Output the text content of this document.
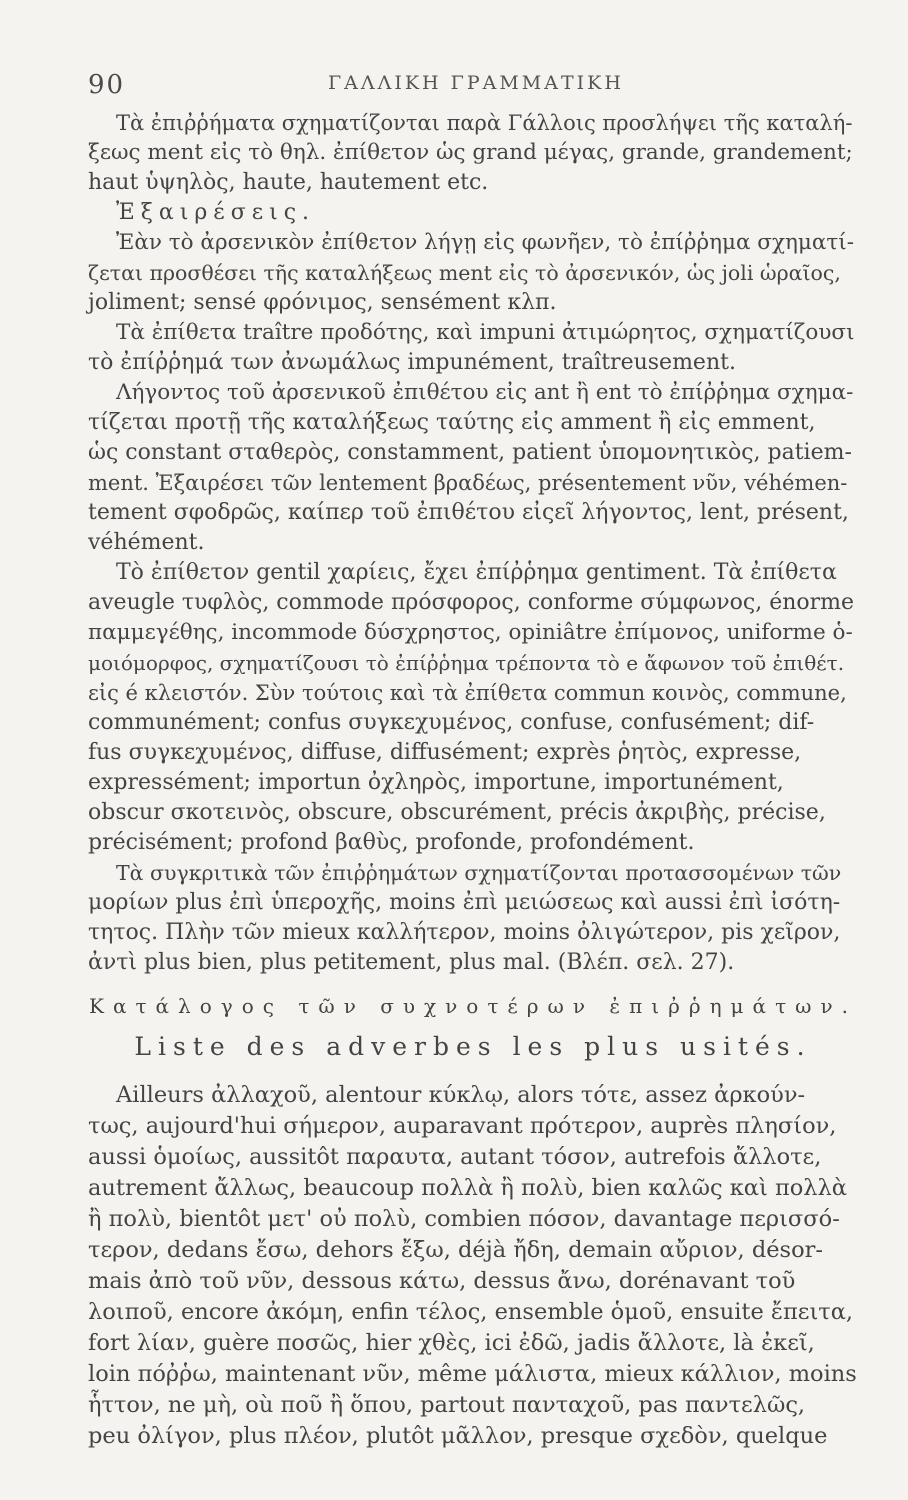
90	ΓΑΛΛΙΚΗ ΓΡΑΜΜΑΤΙΚΗ
Τὰ ἐπιῤῥήματα σχηματίζονται παρὰ Γάλλοις προσλήψει τῆς καταλή-
ξεως ment εἰς τὸ θηλ. ἐπίθετον ὡς grand μέγας, grande, grandement;
haut ὑψηλὸς, haute, hautement etc.
Ἐξαιρέσεις.
Ἐὰν τὸ ἀρσενικὸν ἐπίθετον λήγῃ εἰς φωνῆεν, τὸ ἐπίῤῥημα σχηματί-
ζεται προσθέσει τῆς καταλήξεως ment εἰς τὸ ἀρσενικόν, ὡς joli ὡραῖος,
joliment; sensé φρόνιμος, sensément κλπ.
Τὰ ἐπίθετα traître προδότης, καὶ impuni ἀτιμώρητος, σχηματίζουσι
τὸ ἐπίῤῥημά των ἀνωμάλως impunément, traîtreusement.
Λήγοντος τοῦ ἀρσενικοῦ ἐπιθέτου εἰς ant ἢ ent τὸ ἐπίῤῥημα σχημα-
τίζεται προτῇ τῆς καταλήξεως ταύτης εἰς amment ἢ εἰς emment,
ὡς constant σταθερὸς, constamment, patient ὑπομονητικὸς, patiem-
ment. Ἐξαιρέσει τῶν lentement βραδέως, présentement νῦν, véhémen-
tement σφοδρῶς, καίπερ τοῦ ἐπιθέτου εἰςεῖ λήγοντος, lent, présent,
véhément.
Τὸ ἐπίθετον gentil χαρίεις, ἔχει ἐπίῤῥημα gentiment. Τὰ ἐπίθετα
aveugle τυφλὸς, commode πρόσφορος, conforme σύμφωνος, énorme
παμμεγέθης, incommode δύσχρηστος, opiniâtre ἐπίμονος, uniforme ὁ-
μοιόμορφος, σχηματίζουσι τὸ ἐπίῤῥημα τρέποντα τὸ e ἄφωνον τοῦ ἐπιθέτ.
εἰς é κλειστόν. Σὺν τούτοις καὶ τὰ ἐπίθετα commun κοινὸς, commune,
communément; confus συγκεχυμένος, confuse, confusément; dif-
fus συγκεχυμένος, diffuse, diffusément; exprès ῥητὸς, expresse,
expressément; importun ὀχληρὸς, importune, importunément,
obscur σκοτεινὸς, obscure, obscurément, précis ἀκριβὴς, précise,
précisément; profond βαθὺς, profonde, profondément.
Τὰ συγκριτικὰ τῶν ἐπιῤῥημάτων σχηματίζονται προτασσομένων τῶν
μορίων plus ἐπὶ ὑπεροχῆς, moins ἐπὶ μειώσεως καὶ aussi ἐπὶ ἰσότη-
τητος. Πλὴν τῶν mieux καλλήτερον, moins ὀλιγώτερον, pis χεῖρον,
ἀντὶ plus bien, plus petitement, plus mal. (Βλέπ. σελ. 27).
Κατάλογος τῶν συχνοτέρων ἐπιῤῥημάτων.
Liste des adverbes les plus usités.
Ailleurs ἀλλαχοῦ, alentour κύκλῳ, alors τότε, assez ἀρκούν-
τως, aujourd'hui σήμερον, auparavant πρότερον, auprès πλησίον,
aussi ὁμοίως, aussitôt παραυτα, autant τόσον, autrefois ἄλλοτε,
autrement ἄλλως, beaucoup πολλὰ ἢ πολὺ, bien καλῶς καὶ πολλὰ
ἢ πολὺ, bientôt μετ' οὐ πολὺ, combien πόσον, davantage περισσό-
τερον, dedans ἔσω, dehors ἔξω, déjà ἤδη, demain αὔριον, désor-
mais ἀπὸ τοῦ νῦν, dessous κάτω, dessus ἄνω, dorénavant τοῦ
λοιποῦ, encore ἀκόμη, enfin τέλος, ensemble ὁμοῦ, ensuite ἔπειτα,
fort λίαν, guère ποσῶς, hier χθὲς, ici ἐδῶ, jadis ἄλλοτε, là ἐκεῖ,
loin πόῤῥω, maintenant νῦν, même μάλιστα, mieux κάλλιον, moins
ἧττον, ne μὴ, où ποῦ ἢ ὅπου, partout πανταχοῦ, pas παντελῶς,
peu ὀλίγον, plus πλέον, plutôt μᾶλλον, presque σχεδὸν, quelque
